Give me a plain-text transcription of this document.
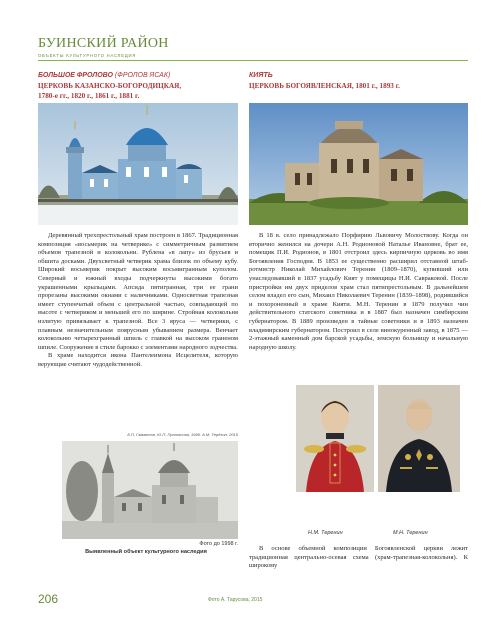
БУИНСКИЙ РАЙОН
ОБЪЕКТЫ КУЛЬТУРНОГО НАСЛЕДИЯ
БОЛЬШОЕ ФРОЛОВО (ФРОЛОВ ЯСАК)
ЦЕРКОВЬ КАЗАНСКО-БОГОРОДИЦКАЯ,
1780-е гг., 1820 г., 1861 г., 1881 г.
КИЯТЬ
ЦЕРКОВЬ БОГОЯВЛЕНСКАЯ, 1801 г., 1893 г.

Деревянный трехпрестольный храм построен в 1867. Традиционная композиция «восьмерик на четверике» с симметричным развитием объемов трапезной и колокольни. Рублена «в лапу» из брусьев и обшита досками. Двухсветный четверик храма близок по объему кубу. Широкий восьмерик покрыт высоким восьмигранным куполом. Северный и южный входы подчеркнуты высокими богато украшенными крыльцами. Апсида пятигранная, три ее грани прорезаны высокими окнами с наличниками. Односветная трапезная имеет ступенчатый объем с центральной частью, совпадающей по высоте с четвериком и меньшей его по ширине. Стройная колокольня излитую привязывает к трапезной. Все 3 яруса — четверики, с плавным незначительным поярусным убыванием размера. Венчает колокольню четырехгранный шпиль с главкой на высоком граненом шпиле. Сооружение в стиле барокко с элементами народного зодчества.

В храме находится икона Пантелеимона Исцелителя, которую верующие считают чудодейственной.

Б.П. Гамаюнов, Ю.П. Протасова, 1999. А.М. Терёхин, 2015
Фото до 1998 г.
Выявленный объект культурного наследия

В 18 в. село принадлежало Порфирию Львовичу Молоствову. Когда он вторично женился на дочери А.Н. Родионовой Наталье Ивановне, брат ее, помещик П.И. Родионов, в 1801 отстроил здесь кирпичную церковь во имя Богоявления Господня. В 1853 ее существенно расширил отставной штаб-ротмистр Николай Михайлович Теренин (1809–1870), купивший или унаследовавший в 1837 усадьбу Кият у помещицы Н.И. Савраковой. После пристройки им двух приделов храм стал пятипрестольным. В дальнейшем селом владел его сын, Михаил Николаевич Теренин (1839–1898), родившийся и похороненный в храме Кияти. М.Н. Теренин в 1879 получил чин действительного статского советника и в 1887 был назначен симбирским губернатором. В 1889 произведен в тайные советники и в 1893 назначен владимирским губернатором. Построил в селе винокуренный завод, в 1875 — 2-этажный каменный дом барской усадьбы, земскую больницу и начальную народную школу.

Н.М. Теренин	М.Н. Теренин

В основе объемной композиции Богоявленской церкви лежит традиционная центрально-осевая схема (храм-трапезная-колокольня). К широкому

206	Фото А. Тарусова, 2015
